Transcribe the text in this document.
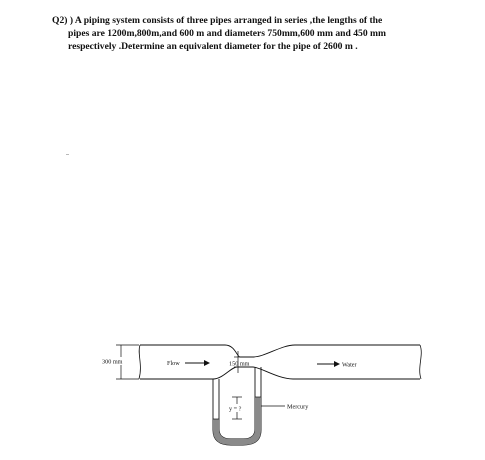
Q2) ) A piping system consists of three pipes arranged in series ,the lengths of the
pipes are 1200m,800m,and 600 m and diameters 750mm,600 mm and 450 mm
respectively .Determine an equivalent diameter for the pipe of 2600 m .
300 mm	150 mm
Flow	Water
y = ?	Mercury
